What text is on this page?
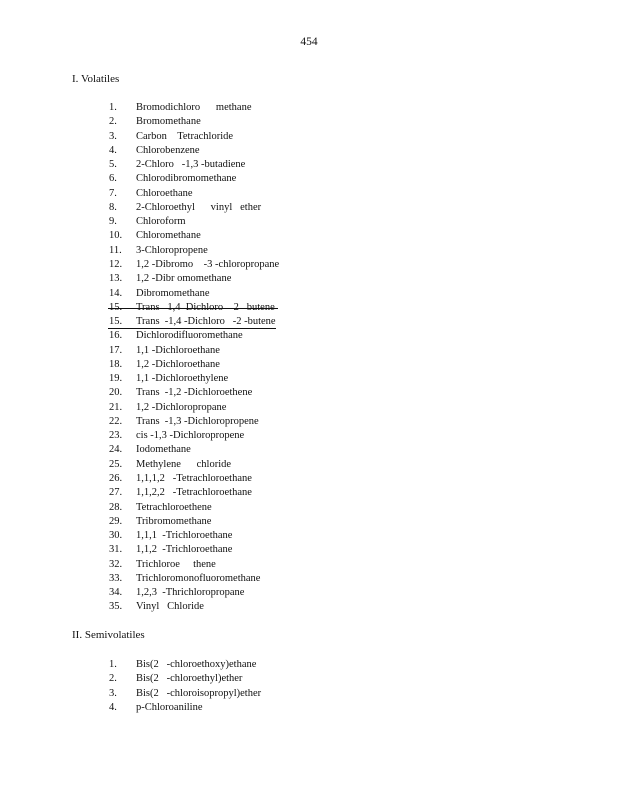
454
I. Volatiles
II. Semivolatiles
1. Bromodichloro      methane
2. Bromomethane
3. Carbon    Tetrachloride
4. Chlorobenzene
5. 2-Chloro   -1,3 -butadiene
6. Chlorodibromomethane
7. Chloroethane
8. 2-Chloroethyl      vinyl   ether
9. Chloroform
10. Chloromethane
11. 3-Chloropropene
12. 1,2 -Dibromo    -3 -chloropropane
13. 1,2 -Dibr omomethane
14. Dibromomethane
15. Trans  -1,4 -Dichloro   -2 -butene
16. Dichlorodifluoromethane
17. 1,1 -Dichloroethane
18. 1,2 -Dichloroethane
19. 1,1 -Dichloroethylene
20. Trans  -1,2 -Dichloroethene
21. 1,2 -Dichloropropane
22. Trans  -1,3 -Dichloropropene
23. cis -1,3 -Dichloropropene
24. Iodomethane
25. Methylene      chloride
26. 1,1,1,2   -Tetrachloroethane
27. 1,1,2,2   -Tetrachloroethane
28. Tetrachloroethene
29. Tribromomethane
30. 1,1,1  -Trichloroethane
31. 1,1,2  -Trichloroethane
32. Trichloroe     thene
33. Trichloromonofluoromethane
34. 1,2,3  -Thrichloropropane
35. Vinyl   Chloride
1. Bis(2   -chloroethoxy)ethane
2. Bis(2   -chloroethyl)ether
3. Bis(2   -chloroisopropyl)ether
4. p-Chloroaniline
